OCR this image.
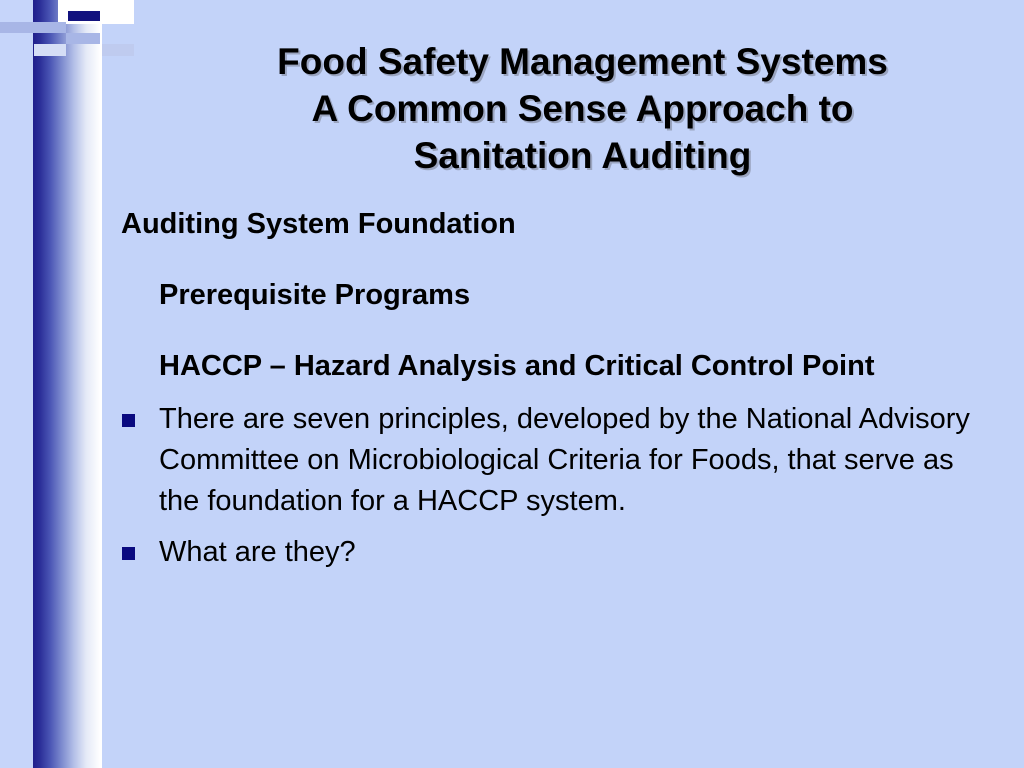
Food Safety Management Systems
A Common Sense Approach to
Sanitation Auditing

Auditing System Foundation

Prerequisite Programs

HACCP – Hazard Analysis and Critical Control Point

There are seven principles, developed by the National Advisory Committee on Microbiological Criteria for Foods, that serve as the foundation for a HACCP system.
What are they?
